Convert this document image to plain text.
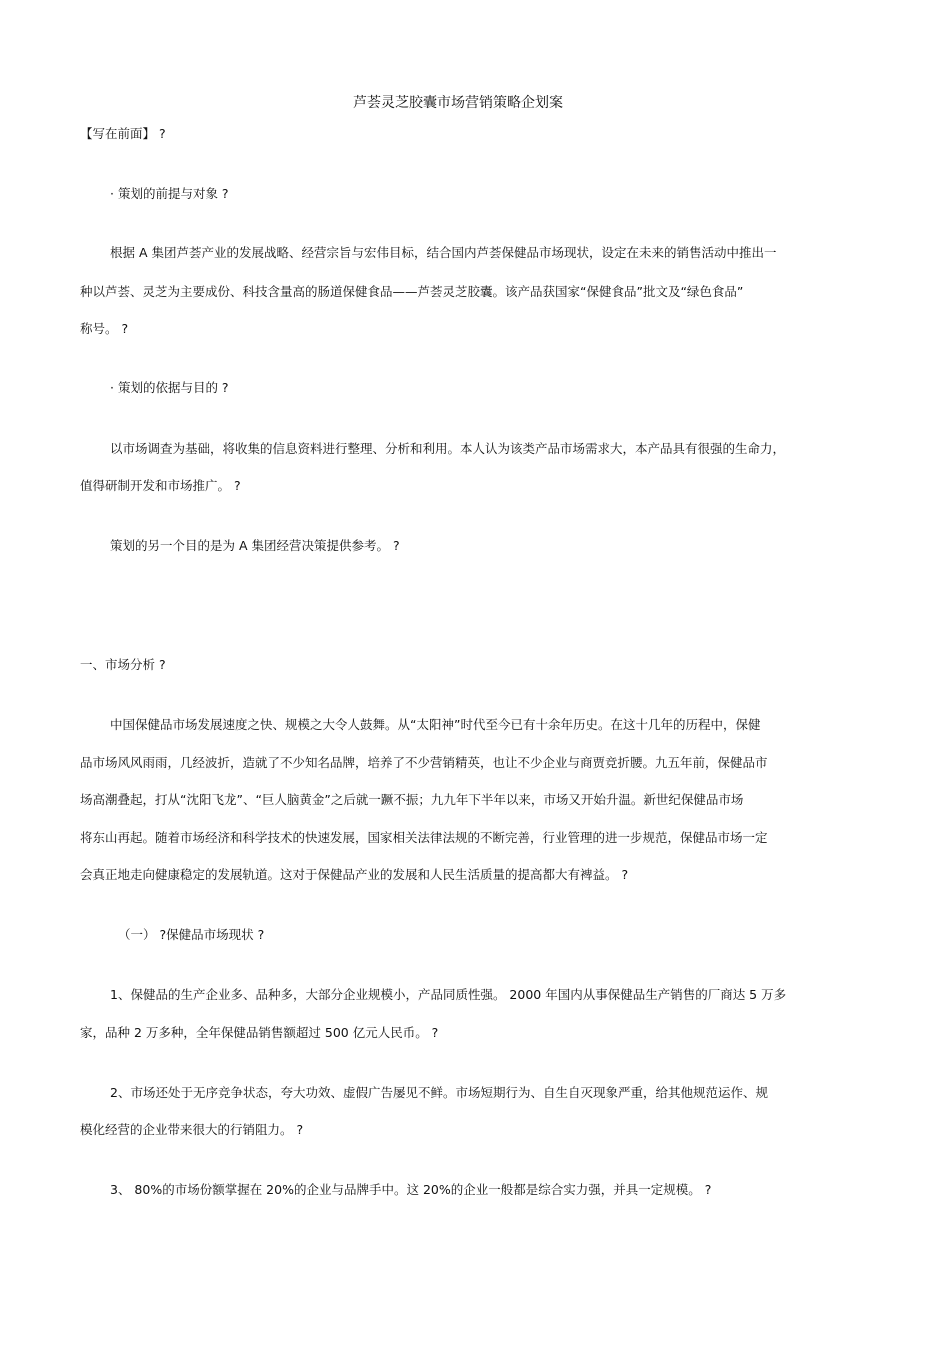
芦荟灵芝胶囊市场营销策略企划案
【写在前面】 ?
· 策划的前提与对象 ?
根据 A 集团芦荟产业的发展战略、经营宗旨与宏伟目标，结合国内芦荟保健品市场现状，设定在未来的销售活动中推出一
种以芦荟、灵芝为主要成份、科技含量高的肠道保健食品——芦荟灵芝胶囊。该产品获国家“保健食品”批文及“绿色食品”
称号。 ?
· 策划的依据与目的 ?
以市场调查为基础，将收集的信息资料进行整理、分析和利用。本人认为该类产品市场需求大，本产品具有很强的生命力，
值得研制开发和市场推广。 ?
策划的另一个目的是为 A 集团经营决策提供参考。 ?
一、市场分析 ?
中国保健品市场发展速度之快、规模之大令人鼓舞。从“太阳神”时代至今已有十余年历史。在这十几年的历程中，保健
品市场风风雨雨，几经波折，造就了不少知名品牌，培养了不少营销精英，也让不少企业与商贾竞折腰。九五年前，保健品市
场高潮叠起，打从“沈阳飞龙”、“巨人脑黄金”之后就一蹶不振；九九年下半年以来，市场又开始升温。新世纪保健品市场
将东山再起。随着市场经济和科学技术的快速发展，国家相关法律法规的不断完善，行业管理的进一步规范，保健品市场一定
会真正地走向健康稳定的发展轨道。这对于保健品产业的发展和人民生活质量的提高都大有裨益。 ?
（一） ?保健品市场现状 ?
1、保健品的生产企业多、品种多，大部分企业规模小，产品同质性强。 2000 年国内从事保健品生产销售的厂商达 5 万多
家，品种 2 万多种，全年保健品销售额超过 500 亿元人民币。 ?
2、市场还处于无序竞争状态，夸大功效、虚假广告屡见不鲜。市场短期行为、自生自灭现象严重，给其他规范运作、规
模化经营的企业带来很大的行销阻力。 ?
3、 80%的市场份额掌握在 20%的企业与品牌手中。这 20%的企业一般都是综合实力强，并具一定规模。 ?
